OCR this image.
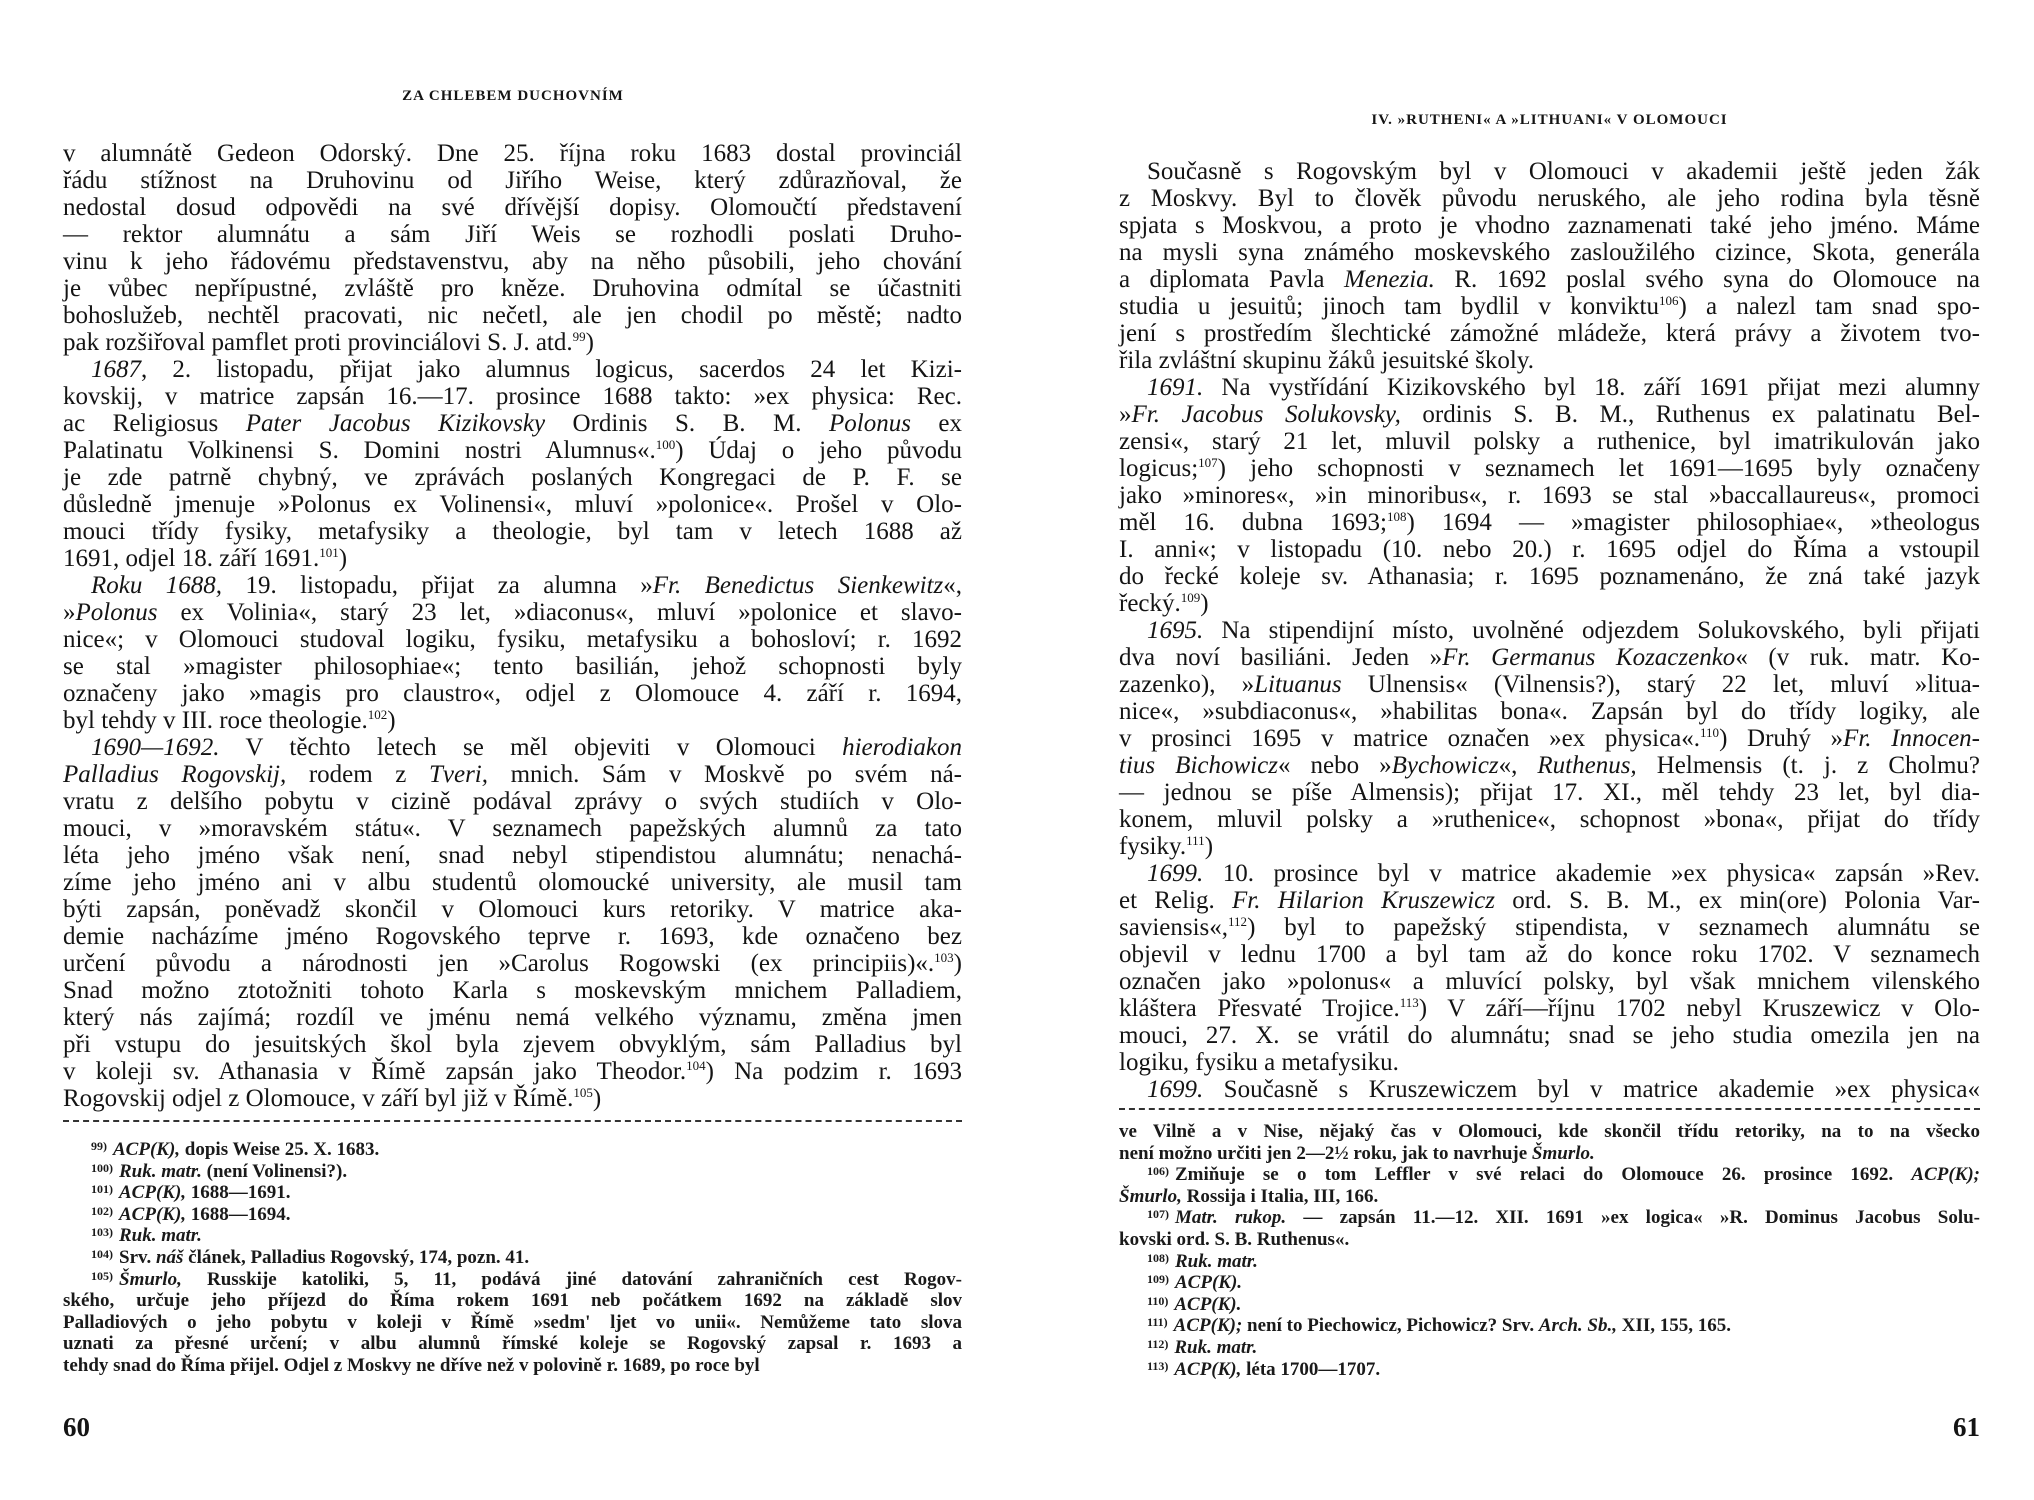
ZA CHLEBEM DUCHOVNÍM
v alumnátě Gedeon Odorský. Dne 25. října roku 1683 dostal provinciál
řádu stížnost na Druhovinu od Jiřího Weise, který zdůrazňoval, že
nedostal dosud odpovědi na své dřívější dopisy. Olomoučtí představení
— rektor alumnátu a sám Jiří Weis se rozhodli poslati Druho-
vinu k jeho řádovému představenstvu, aby na něho působili, jeho chování
je vůbec nepřípustné, zvláště pro kněze. Druhovina odmítal se účastniti
bohoslužeb, nechtěl pracovati, nic nečetl, ale jen chodil po městě; nadto
pak rozšiřoval pamflet proti provinciálovi S. J. atd.$^{99}$)
1687, 2. listopadu, přijat jako alumnus logicus, sacerdos 24 let Kizi-
kovskij, v matrice zapsán 16.—17. prosince 1688 takto: »ex physica: Rec.
ac Religiosus Pater Jacobus Kizikovsky Ordinis S. B. M. Polonus ex
Palatinatu Volkinensi S. Domini nostri Alumnus«.$^{100}$) Údaj o jeho původu
je zde patrně chybný, ve zprávách poslaných Kongregaci de P. F. se
důsledně jmenuje »Polonus ex Volinensi«, mluví »polonice«. Prošel v Olo-
mouci třídy fysiky, metafysiky a theologie, byl tam v letech 1688 až
1691, odjel 18. září 1691.$^{101}$)
Roku 1688, 19. listopadu, přijat za alumna »Fr. Benedictus Sienkewitz«,
»Polonus ex Volinia«, starý 23 let, »diaconus«, mluví »polonice et slavo-
nice«; v Olomouci studoval logiku, fysiku, metafysiku a bohosloví; r. 1692
se stal »magister philosophiae«; tento basilián, jehož schopnosti byly
označeny jako »magis pro claustro«, odjel z Olomouce 4. září r. 1694,
byl tehdy v III. roce theologie.$^{102}$)
1690—1692. V těchto letech se měl objeviti v Olomouci hierodiakon
Palladius Rogovskij, rodem z Tveri, mnich. Sám v Moskvě po svém ná-
vratu z delšího pobytu v cizině podával zprávy o svých studiích v Olo-
mouci, v »moravském státu«. V seznamech papežských alumnů za tato
léta jeho jméno však není, snad nebyl stipendistou alumnátu; nenachá-
zíme jeho jméno ani v albu studentů olomoucké university, ale musil tam
býti zapsán, poněvadž skončil v Olomouci kurs retoriky. V matrice aka-
demie nacházíme jméno Rogovského teprve r. 1693, kde označeno bez
určení původu a národnosti jen »Carolus Rogowski (ex principiis)«.$^{103}$)
Snad možno ztotožniti tohoto Karla s moskevským mnichem Palladiem,
který nás zajímá; rozdíl ve jménu nemá velkého významu, změna jmen
při vstupu do jesuitských škol byla zjevem obvyklým, sám Palladius byl
v koleji sv. Athanasia v Římě zapsán jako Theodor.$^{104}$) Na podzim r. 1693
Rogovskij odjel z Olomouce, v září byl již v Římě.$^{105}$)
$^{99)}$ ACP(K), dopis Weise 25. X. 1683.
$^{100)}$ Ruk. matr. (není Volinensi?).
$^{101)}$ ACP(K), 1688—1691.
$^{102)}$ ACP(K), 1688—1694.
$^{103)}$ Ruk. matr.
$^{104)}$ Srv. náš článek, Palladius Rogovský, 174, pozn. 41.
$^{105)}$ Šmurlo, Russkije katoliki, 5, 11, podává jiné datování zahraničních cest Rogov-
ského, určuje jeho příjezd do Říma rokem 1691 neb počátkem 1692 na základě slov
Palladiových o jeho pobytu v koleji v Římě »sedm' ljet vo unii«. Nemůžeme tato slova
uznati za přesné určení; v albu alumnů římské koleje se Rogovský zapsal r. 1693 a
tehdy snad do Říma přijel. Odjel z Moskvy ne dříve než v polovině r. 1689, po roce byl
60
IV. »RUTHENI« A »LITHUANI« V OLOMOUCI
Současně s Rogovským byl v Olomouci v akademii ještě jeden žák
z Moskvy. Byl to člověk původu neruského, ale jeho rodina byla těsně
spjata s Moskvou, a proto je vhodno zaznamenati také jeho jméno. Máme
na mysli syna známého moskevského zasloužilého cizince, Skota, generála
a diplomata Pavla Menezia. R. 1692 poslal svého syna do Olomouce na
studia u jesuitů; jinoch tam bydlil v konviktu$^{106}$) a nalezl tam snad spo-
jení s prostředím šlechtické zámožné mládeže, která právy a životem tvo-
řila zvláštní skupinu žáků jesuitské školy.
1691. Na vystřídání Kizikovského byl 18. září 1691 přijat mezi alumny
»Fr. Jacobus Solukovsky, ordinis S. B. M., Ruthenus ex palatinatu Bel-
zensi«, starý 21 let, mluvil polsky a ruthenice, byl imatrikulován jako
logicus;$^{107}$) jeho schopnosti v seznamech let 1691—1695 byly označeny
jako »minores«, »in minoribus«, r. 1693 se stal »baccallaureus«, promoci
měl 16. dubna 1693;$^{108}$) 1694 — »magister philosophiae«, »theologus
I. anni«; v listopadu (10. nebo 20.) r. 1695 odjel do Říma a vstoupil
do řecké koleje sv. Athanasia; r. 1695 poznamenáno, že zná také jazyk
řecký.$^{109}$)
1695. Na stipendijní místo, uvolněné odjezdem Solukovského, byli přijati
dva noví basiliáni. Jeden »Fr. Germanus Kozaczenko« (v ruk. matr. Ko-
zazenko), »Lituanus Ulnensis« (Vilnensis?), starý 22 let, mluví »litua-
nice«, »subdiaconus«, »habilitas bona«. Zapsán byl do třídy logiky, ale
v prosinci 1695 v matrice označen »ex physica«.$^{110}$) Druhý »Fr. Innocen-
tius Bichowicz« nebo »Bychowicz«, Ruthenus, Helmensis (t. j. z Cholmu?
— jednou se píše Almensis); přijat 17. XI., měl tehdy 23 let, byl dia-
konem, mluvil polsky a »ruthenice«, schopnost »bona«, přijat do třídy
fysiky.$^{111}$)
1699. 10. prosince byl v matrice akademie »ex physica« zapsán »Rev.
et Relig. Fr. Hilarion Kruszewicz ord. S. B. M., ex min(ore) Polonia Var-
saviensis«,$^{112}$) byl to papežský stipendista, v seznamech alumnátu se
objevil v lednu 1700 a byl tam až do konce roku 1702. V seznamech
označen jako »polonus« a mluvící polsky, byl však mnichem vilenského
kláštera Přesvaté Trojice.$^{113}$) V září—říjnu 1702 nebyl Kruszewicz v Olo-
mouci, 27. X. se vrátil do alumnátu; snad se jeho studia omezila jen na
logiku, fysiku a metafysiku.
1699. Současně s Kruszewiczem byl v matrice akademie »ex physica«
ve Vilně a v Nise, nějaký čas v Olomouci, kde skončil třídu retoriky, na to na všecko
není možno určiti jen 2—2½ roku, jak to navrhuje Šmurlo.
$^{106)}$ Zmiňuje se o tom Leffler v své relaci do Olomouce 26. prosince 1692. ACP(K);
Šmurlo, Rossija i Italia, III, 166.
$^{107)}$ Matr. rukop. — zapsán 11.—12. XII. 1691 »ex logica« »R. Dominus Jacobus Solu-
kovski ord. S. B. Ruthenus«.
$^{108)}$ Ruk. matr.
$^{109)}$ ACP(K).
$^{110)}$ ACP(K).
$^{111)}$ ACP(K); není to Piechowicz, Pichowicz? Srv. Arch. Sb., XII, 155, 165.
$^{112)}$ Ruk. matr.
$^{113)}$ ACP(K), léta 1700—1707.
61
